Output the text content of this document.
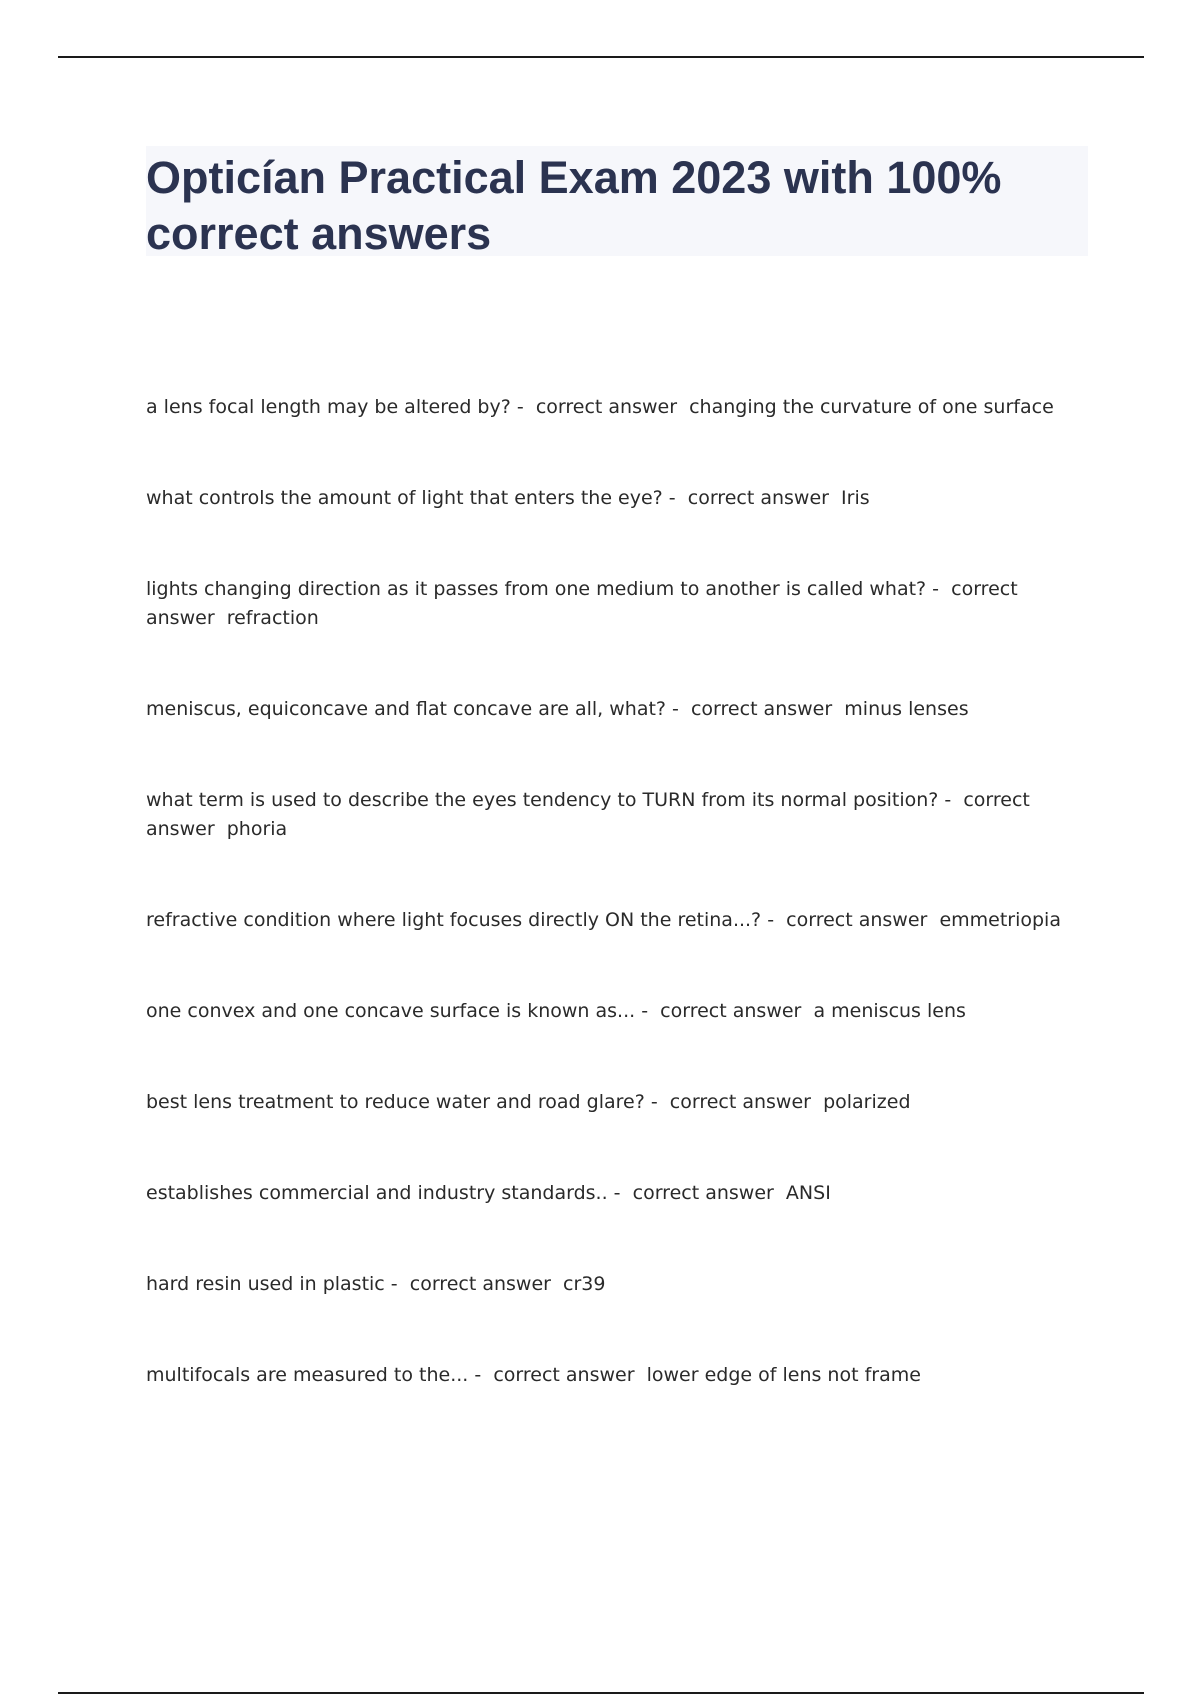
Opticían Practical Exam 2023 with 100% correct answers
a lens focal length may be altered by? -  correct answer changing the curvature of one surface
what controls the amount of light that enters the eye? -  correct answer Iris
lights changing direction as it passes from one medium to another is called what? -  correct answer refraction
meniscus, equiconcave and flat concave are all, what? -  correct answer minus lenses
what term is used to describe the eyes tendency to TURN from its normal position? -  correct answer phoria
refractive condition where light focuses directly ON the retina...? -  correct answer emmetriopia
one convex and one concave surface is known as... -  correct answer a meniscus lens
best lens treatment to reduce water and road glare? -  correct answer polarized
establishes commercial and industry standards.. -  correct answer ANSI
hard resin used in plastic -  correct answer cr39
multifocals are measured to the... -  correct answer lower edge of lens not frame
